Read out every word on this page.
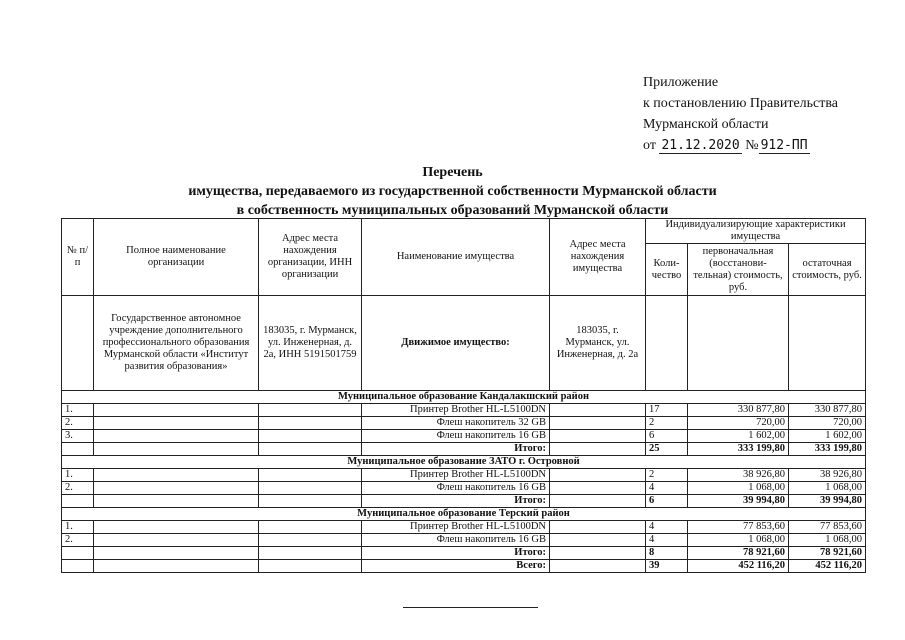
Приложение
к постановлению Правительства
Мурманской области
от 21.12.2020 № 912-ПП
Перечень
имущества, передаваемого из государственной собственности Мурманской области
в собственность муниципальных образований Мурманской области
№ п/п	Полное наименование организации	Адрес места нахождения организации, ИНН организации	Наименование имущества	Адрес места нахождения имущества	Индивидуализирующие характеристики имущества		

					Коли-чество	первоначальная (восстанови-тельная) стоимость, руб.	остаточная стоимость, руб.
	Государственное автономное учреждение дополнительного профессионального образования Мурманской области «Институт развития образования»	183035, г. Мурманск, ул. Инженерная, д. 2а, ИНН 5191501759	Движимое имущество:	183035, г. Мурманск, ул. Инженерная, д. 2а			
Муниципальное образование Кандалакшский район							
1.			Принтер Brother HL-L5100DN		17	330 877,80	330 877,80
2.			Флеш накопитель 32 GB		2	720,00	720,00
3.			Флеш накопитель 16 GB		6	1 602,00	1 602,00
			Итого:		25	333 199,80	333 199,80
Муниципальное образование ЗАТО г. Островной							
1.			Принтер Brother HL-L5100DN		2	38 926,80	38 926,80
2.			Флеш накопитель 16 GB		4	1 068,00	1 068,00
			Итого:		6	39 994,80	39 994,80
Муниципальное образование Терский район							
1.			Принтер Brother HL-L5100DN		4	77 853,60	77 853,60
2.			Флеш накопитель 16 GB		4	1 068,00	1 068,00
			Итого:		8	78 921,60	78 921,60
			Всего:		39	452 116,20	452 116,20
